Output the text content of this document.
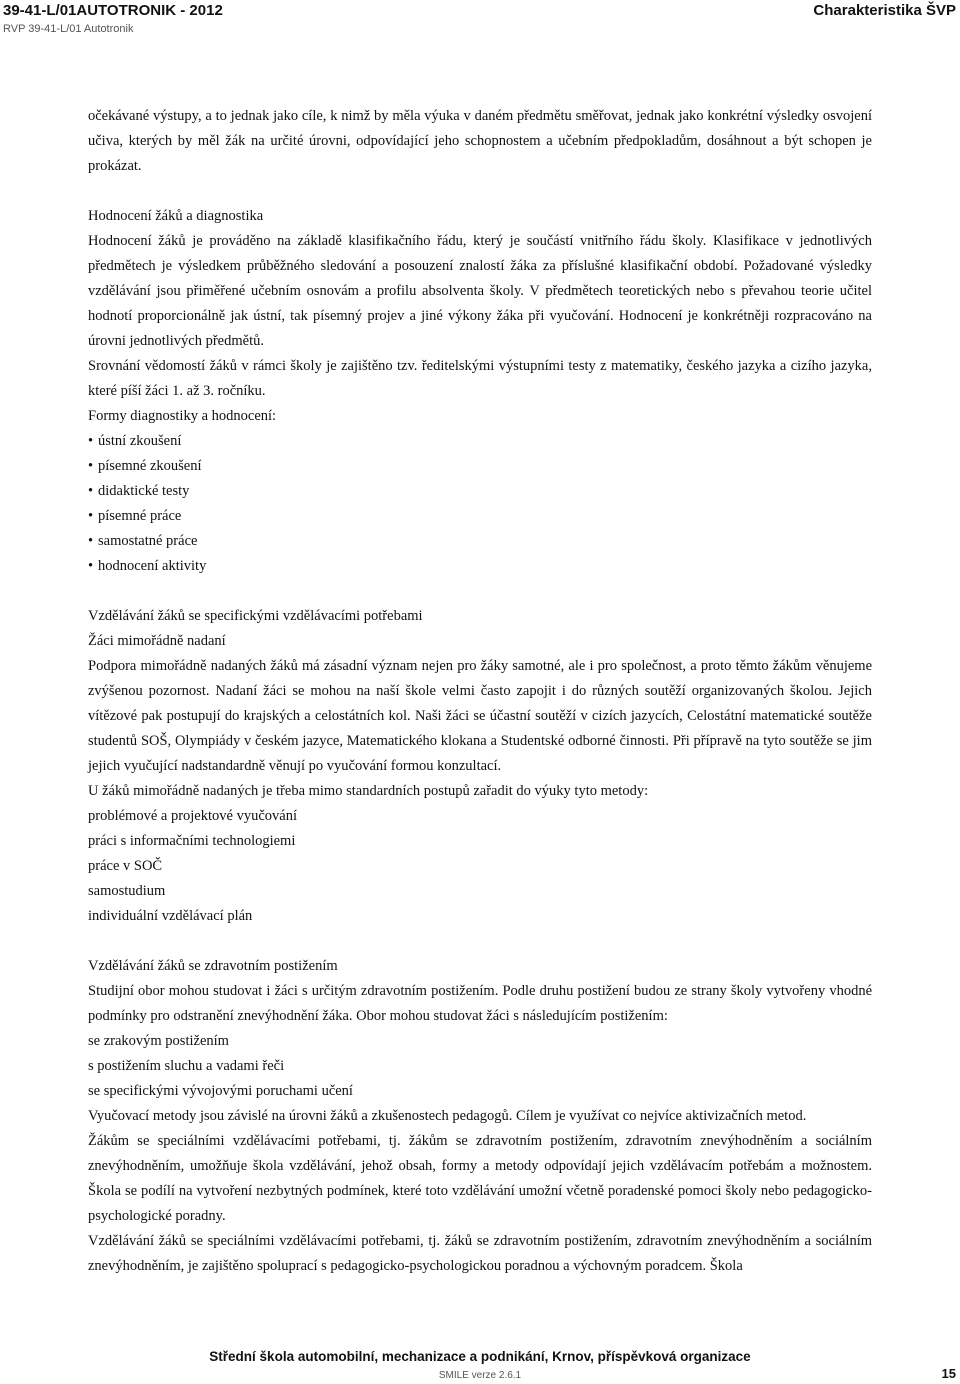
39-41-L/01AUTOTRONIK - 2012
RVP 39-41-L/01 Autotronik
Charakteristika ŠVP

očekávané výstupy, a to jednak jako cíle, k nimž by měla výuka v daném předmětu směřovat, jednak jako konkrétní výsledky osvojení učiva, kterých by měl žák na určité úrovni, odpovídající jeho schopnostem a učebním předpokladům, dosáhnout a být schopen je prokázat.

Hodnocení žáků a diagnostika

Hodnocení žáků je prováděno na základě klasifikačního řádu, který je součástí vnitřního řádu školy. Klasifikace v jednotlivých předmětech je výsledkem průběžného sledování a posouzení znalostí žáka za příslušné klasifikační období. Požadované výsledky vzdělávání jsou přiměřené učebním osnovám a profilu absolventa školy. V předmětech teoretických nebo s převahou teorie učitel hodnotí proporcionálně jak ústní, tak písemný projev a jiné výkony žáka při vyučování. Hodnocení je konkrétněji rozpracováno na úrovni jednotlivých předmětů.

Srovnání vědomostí žáků v rámci školy je zajištěno tzv. ředitelskými výstupními testy z matematiky, českého jazyka a cizího jazyka, které píší žáci 1. až 3. ročníku.

Formy diagnostiky a hodnocení:

• ústní zkoušení
• písemné zkoušení
• didaktické testy
• písemné práce
• samostatné práce
• hodnocení aktivity

Vzdělávání žáků se specifickými vzdělávacími potřebami

Žáci mimořádně nadaní

Podpora mimořádně nadaných žáků má zásadní význam nejen pro žáky samotné, ale i pro společnost, a proto těmto žákům věnujeme zvýšenou pozornost. Nadaní žáci se mohou na naší škole velmi často zapojit i do různých soutěží organizovaných školou. Jejich vítězové pak postupují do krajských a celostátních kol. Naši žáci se účastní soutěží v cizích jazycích, Celostátní matematické soutěže studentů SOŠ, Olympiády v českém jazyce, Matematického klokana a Studentské odborné činnosti. Při přípravě na tyto soutěže se jim jejich vyučující nadstandardně věnují po vyučování formou konzultací.

U žáků mimořádně nadaných je třeba mimo standardních postupů zařadit do výuky tyto metody:

problémové a projektové vyučování

práci s informačními technologiemi

práce v SOČ

samostudium

individuální vzdělávací plán

Vzdělávání žáků se zdravotním postižením

Studijní obor mohou studovat i žáci s určitým zdravotním postižením. Podle druhu postižení budou ze strany školy vytvořeny vhodné podmínky pro odstranění znevýhodnění žáka. Obor mohou studovat žáci s následujícím postižením:

se zrakovým postižením

s postižením sluchu a vadami řeči

se specifickými vývojovými poruchami učení

Vyučovací metody jsou závislé na úrovni žáků a zkušenostech pedagogů. Cílem je využívat co nejvíce aktivizačních metod.

Žákům se speciálními vzdělávacími potřebami, tj. žákům se zdravotním postižením, zdravotním znevýhodněním a sociálním znevýhodněním, umožňuje škola vzdělávání, jehož obsah, formy a metody odpovídají jejich vzdělávacím potřebám a možnostem. Škola se podílí na vytvoření nezbytných podmínek, které toto vzdělávání umožní včetně poradenské pomoci školy nebo pedagogicko-psychologické poradny.

Vzdělávání žáků se speciálními vzdělávacími potřebami, tj. žáků se zdravotním postižením, zdravotním znevýhodněním a sociálním znevýhodněním, je zajištěno spoluprací s pedagogicko-psychologickou poradnou a výchovným poradcem. Škola

Střední škola automobilní, mechanizace a podnikání, Krnov, příspěvková organizace
SMILE verze 2.6.1	15
